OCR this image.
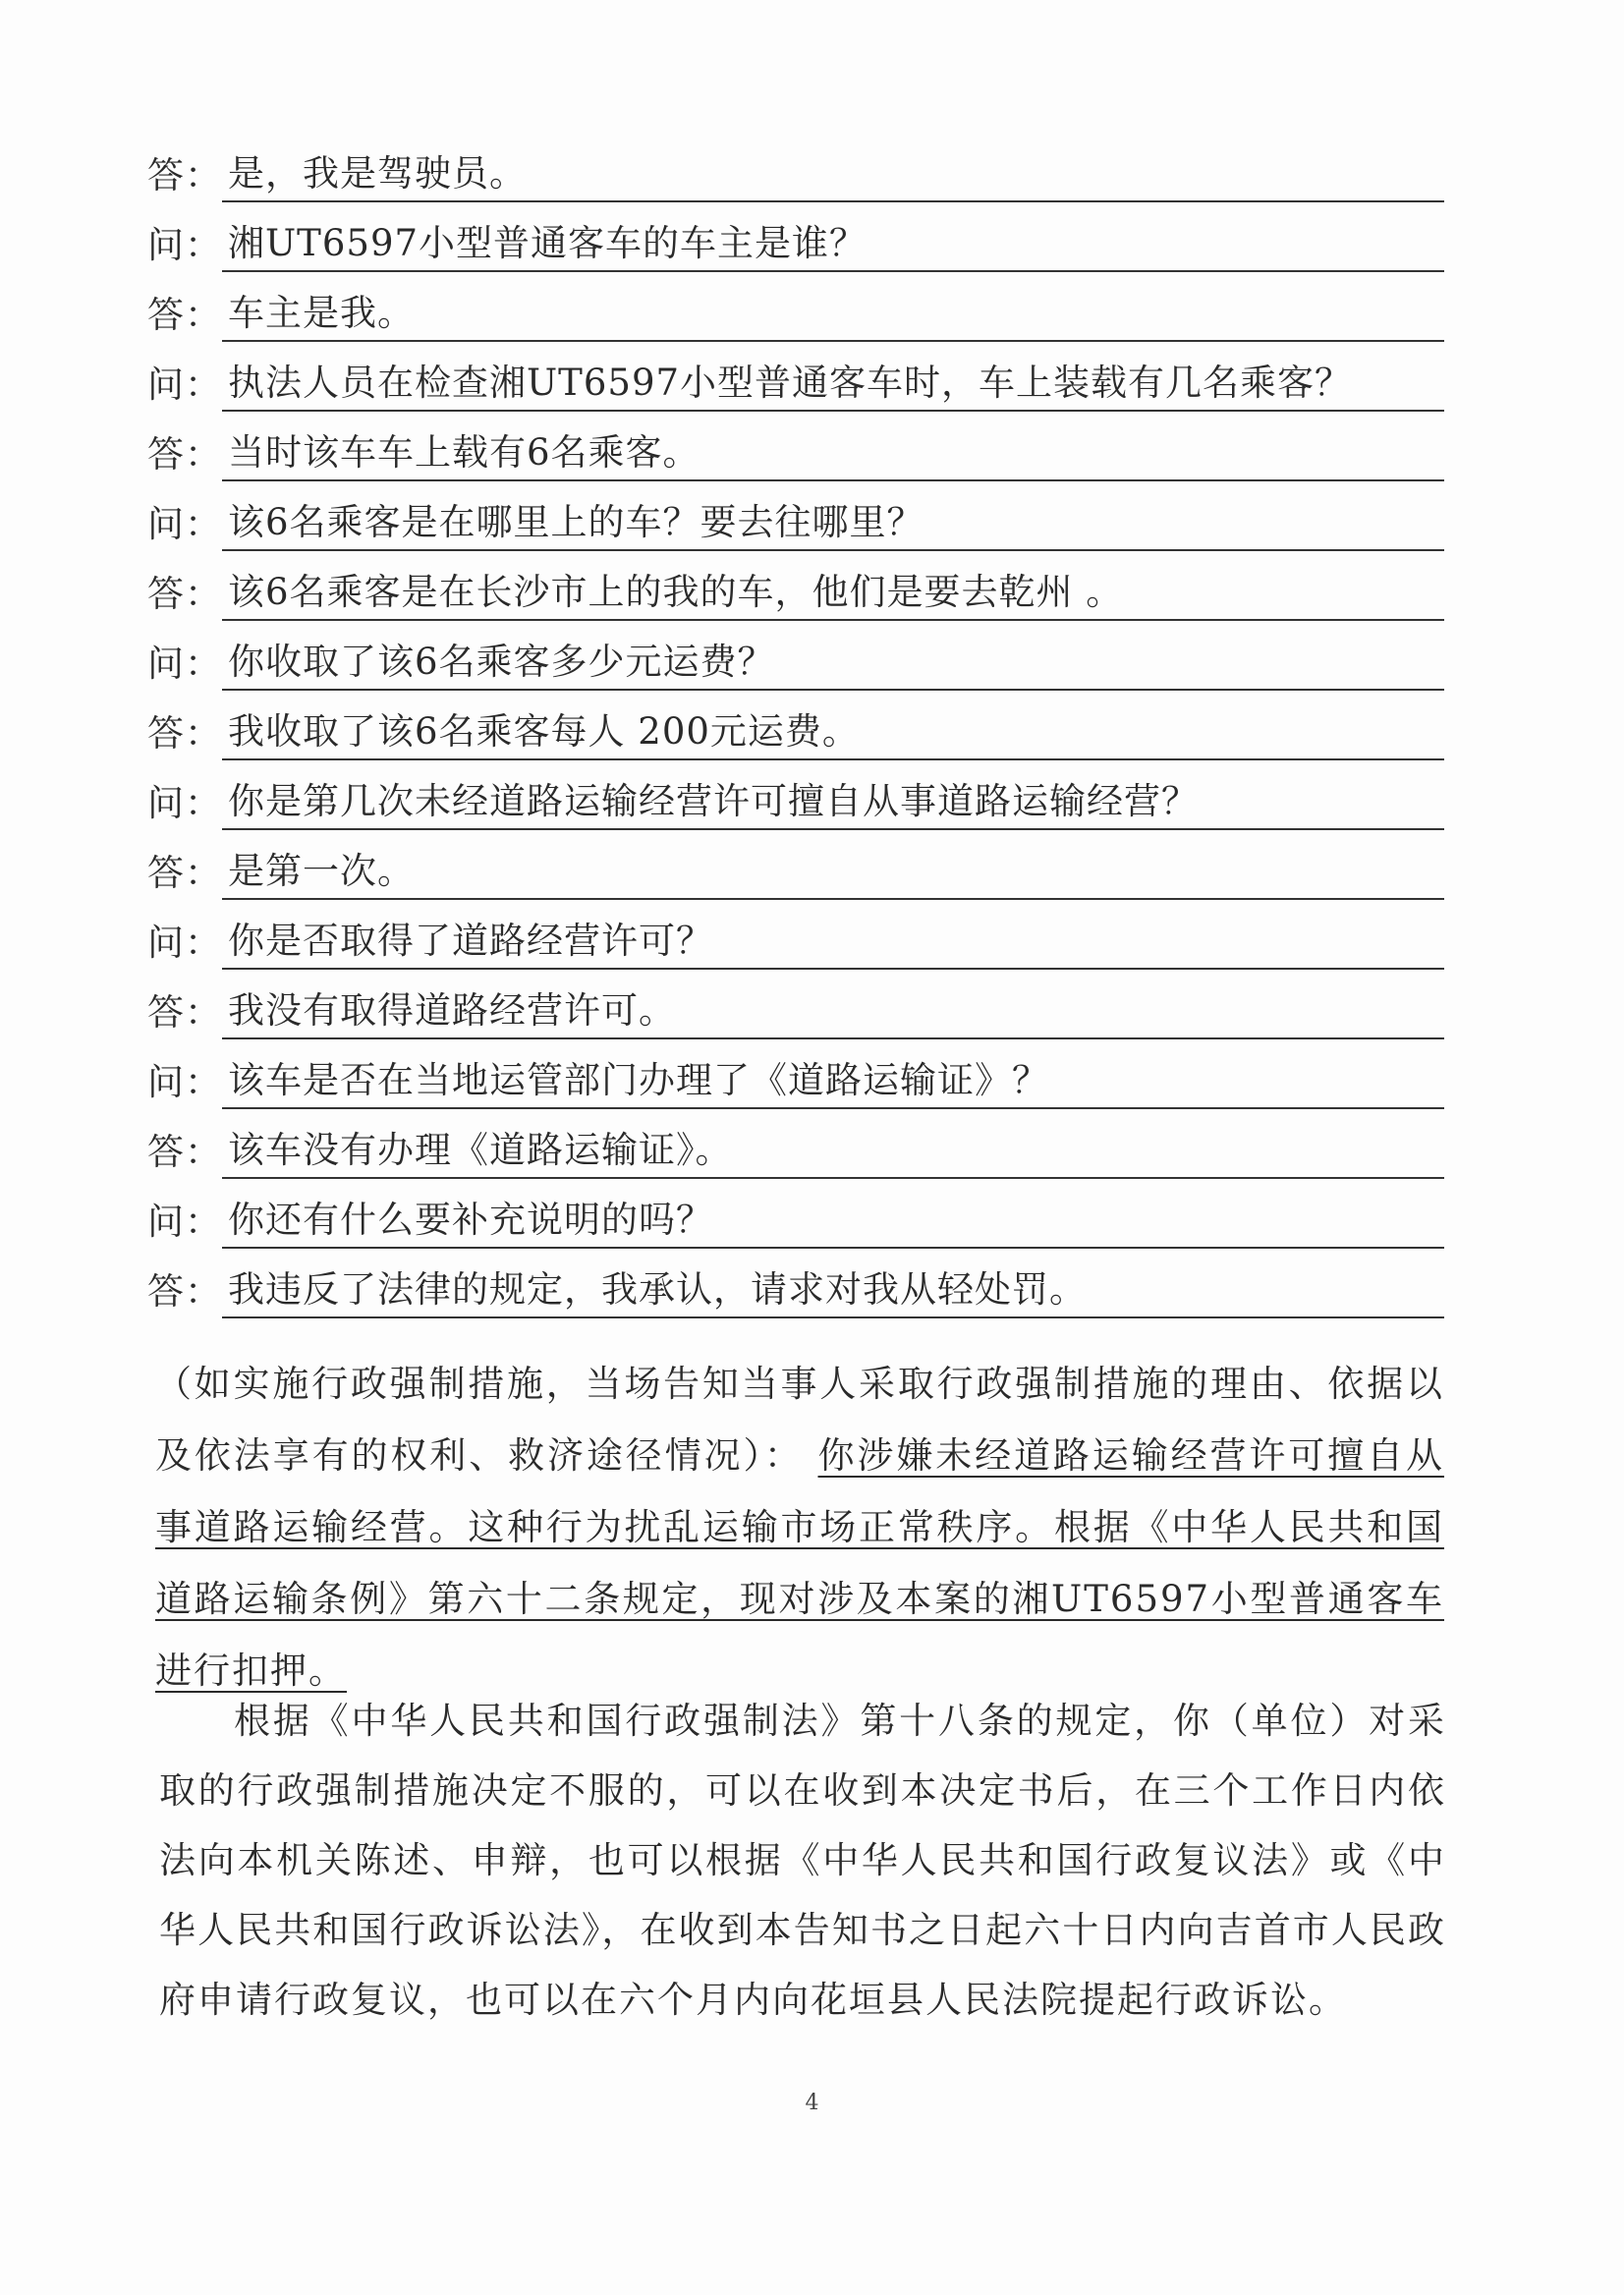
答： 是，我是驾驶员。
问： 湘UT6597小型普通客车的车主是谁？
答： 车主是我。
问： 执法人员在检查湘UT6597小型普通客车时，车上装载有几名乘客？
答： 当时该车车上载有6名乘客。
问： 该6名乘客是在哪里上的车？要去往哪里？
答： 该6名乘客是在长沙市上的我的车，他们是要去乾州 。
问： 你收取了该6名乘客多少元运费？
答： 我收取了该6名乘客每人 200元运费。
问： 你是第几次未经道路运输经营许可擅自从事道路运输经营？
答： 是第一次。
问： 你是否取得了道路经营许可？
答： 我没有取得道路经营许可。
问： 该车是否在当地运管部门办理了《道路运输证》？
答： 该车没有办理《道路运输证》。
问： 你还有什么要补充说明的吗？
答： 我违反了法律的规定，我承认，请求对我从轻处罚。
（如实施行政强制措施，当场告知当事人采取行政强制措施的理由、依据以及依法享有的权利、救济途径情况）： 你涉嫌未经道路运输经营许可擅自从事道路运输经营。这种行为扰乱运输市场正常秩序。根据《中华人民共和国道路运输条例》第六十二条规定，现对涉及本案的湘UT6597小型普通客车进行扣押。
根据《中华人民共和国行政强制法》第十八条的规定，你（单位）对采取的行政强制措施决定不服的，可以在收到本决定书后，在三个工作日内依法向本机关陈述、申辩，也可以根据《中华人民共和国行政复议法》或《中华人民共和国行政诉讼法》，在收到本告知书之日起六十日内向吉首市人民政府申请行政复议，也可以在六个月内向花垣县人民法院提起行政诉讼。
4
